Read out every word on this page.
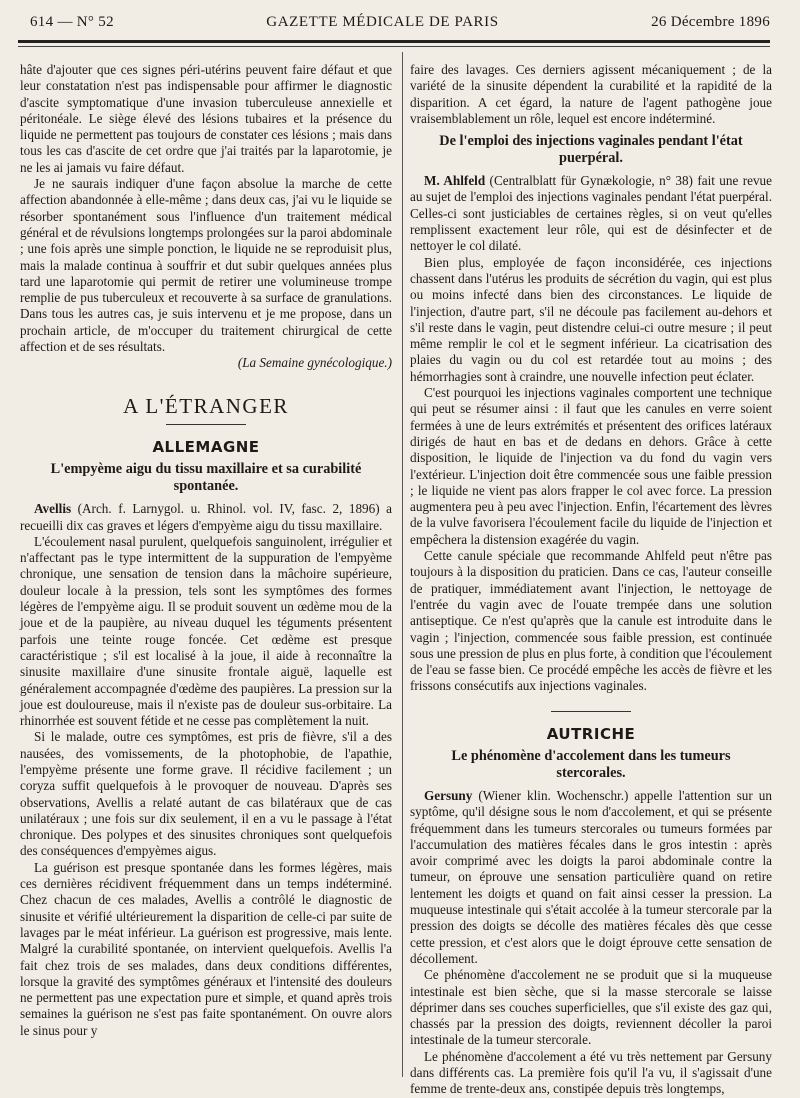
614 — N° 52	GAZETTE MÉDICALE DE PARIS	26 Décembre 1896

hâte d'ajouter que ces signes péri-utérins peuvent faire défaut et que leur constatation n'est pas indispensable pour affirmer le diagnostic d'ascite symptomatique d'une invasion tuberculeuse annexielle et péritonéale. Le siège élevé des lésions tubaires et la présence du liquide ne permettent pas toujours de constater ces lésions ; mais dans tous les cas d'ascite de cet ordre que j'ai traités par la laparotomie, je ne les ai jamais vu faire défaut.

Je ne saurais indiquer d'une façon absolue la marche de cette affection abandonnée à elle-même ; dans deux cas, j'ai vu le liquide se résorber spontanément sous l'influence d'un traitement médical général et de révulsions longtemps prolongées sur la paroi abdominale ; une fois après une simple ponction, le liquide ne se reproduisit plus, mais la malade continua à souffrir et dut subir quelques années plus tard une laparotomie qui permit de retirer une volumineuse trompe remplie de pus tuberculeux et recouverte à sa surface de granulations. Dans tous les autres cas, je suis intervenu et je me propose, dans un prochain article, de m'occuper du traitement chirurgical de cette affection et de ses résultats.

(La Semaine gynécologique.)

A L'ÉTRANGER
ALLEMAGNE
L'empyème aigu du tissu maxillaire et sa curabilité spontanée.

Avellis (Arch. f. Larnygol. u. Rhinol. vol. IV, fasc. 2, 1896) a recueilli dix cas graves et légers d'empyème aigu du tissu maxillaire.

L'écoulement nasal purulent, quelquefois sanguinolent, irrégulier et n'affectant pas le type intermittent de la suppuration de l'empyème chronique, une sensation de tension dans la mâchoire supérieure, douleur locale à la pression, tels sont les symptômes des formes légères de l'empyème aigu. Il se produit souvent un œdème mou de la joue et de la paupière, au niveau duquel les téguments présentent parfois une teinte rouge foncée. Cet œdème est presque caractéristique ; s'il est localisé à la joue, il aide à reconnaître la sinusite maxillaire d'une sinusite frontale aiguë, laquelle est généralement accompagnée d'œdème des paupières. La pression sur la joue est douloureuse, mais il n'existe pas de douleur sus-orbitaire. La rhinorrhée est souvent fétide et ne cesse pas complètement la nuit.

Si le malade, outre ces symptômes, est pris de fièvre, s'il a des nausées, des vomissements, de la photophobie, de l'apathie, l'empyème présente une forme grave. Il récidive facilement ; un coryza suffit quelquefois à le provoquer de nouveau. D'après ses observations, Avellis a relaté autant de cas bilatéraux que de cas unilatéraux ; une fois sur dix seulement, il en a vu le passage à l'état chronique. Des polypes et des sinusites chroniques sont quelquefois des conséquences d'empyèmes aigus.

La guérison est presque spontanée dans les formes légères, mais ces dernières récidivent fréquemment dans un temps indéterminé. Chez chacun de ces malades, Avellis a contrôlé le diagnostic de sinusite et vérifié ultérieurement la disparition de celle-ci par suite de lavages par le méat inférieur. La guérison est progressive, mais lente. Malgré la curabilité spontanée, on intervient quelquefois. Avellis l'a fait chez trois de ses malades, dans deux conditions différentes, lorsque la gravité des symptômes généraux et l'intensité des douleurs ne permettent pas une expectation pure et simple, et quand après trois semaines la guérison ne s'est pas faite spontanément. On ouvre alors le sinus pour y

faire des lavages. Ces derniers agissent mécaniquement ; de la variété de la sinusite dépendent la curabilité et la rapidité de la disparition. A cet égard, la nature de l'agent pathogène joue vraisemblablement un rôle, lequel est encore indéterminé.

De l'emploi des injections vaginales pendant l'état puerpéral.

M. Ahlfeld (Centralblatt für Gynækologie, n° 38) fait une revue au sujet de l'emploi des injections vaginales pendant l'état puerpéral. Celles-ci sont justiciables de certaines règles, si on veut qu'elles remplissent exactement leur rôle, qui est de désinfecter et de nettoyer le col dilaté.

Bien plus, employée de façon inconsidérée, ces injections chassent dans l'utérus les produits de sécrétion du vagin, qui est plus ou moins infecté dans bien des circonstances. Le liquide de l'injection, d'autre part, s'il ne découle pas facilement au-dehors et s'il reste dans le vagin, peut distendre celui-ci outre mesure ; il peut même remplir le col et le segment inférieur. La cicatrisation des plaies du vagin ou du col est retardée tout au moins ; des hémorrhagies sont à craindre, une nouvelle infection peut éclater.

C'est pourquoi les injections vaginales comportent une technique qui peut se résumer ainsi : il faut que les canules en verre soient fermées à une de leurs extrémités et présentent des orifices latéraux dirigés de haut en bas et de dedans en dehors. Grâce à cette disposition, le liquide de l'injection va du fond du vagin vers l'extérieur. L'injection doit être commencée sous une faible pression ; le liquide ne vient pas alors frapper le col avec force. La pression augmentera peu à peu avec l'injection. Enfin, l'écartement des lèvres de la vulve favorisera l'écoulement facile du liquide de l'injection et empêchera la distension exagérée du vagin.

Cette canule spéciale que recommande Ahlfeld peut n'être pas toujours à la disposition du praticien. Dans ce cas, l'auteur conseille de pratiquer, immédiatement avant l'injection, le nettoyage de l'entrée du vagin avec de l'ouate trempée dans une solution antiseptique. Ce n'est qu'après que la canule est introduite dans le vagin ; l'injection, commencée sous faible pression, est continuée sous une pression de plus en plus forte, à condition que l'écoulement de l'eau se fasse bien. Ce procédé empêche les accès de fièvre et les frissons consécutifs aux injections vaginales.

AUTRICHE
Le phénomène d'accolement dans les tumeurs stercorales.

Gersuny (Wiener klin. Wochenschr.) appelle l'attention sur un syptôme, qu'il désigne sous le nom d'accolement, et qui se présente fréquemment dans les tumeurs stercorales ou tumeurs formées par l'accumulation des matières fécales dans le gros intestin : après avoir comprimé avec les doigts la paroi abdominale contre la tumeur, on éprouve une sensation particulière quand on retire lentement les doigts et quand on fait ainsi cesser la pression. La muqueuse intestinale qui s'était accolée à la tumeur stercorale par la pression des doigts se décolle des matières fécales dès que cesse cette pression, et c'est alors que le doigt éprouve cette sensation de décollement.

Ce phénomène d'accolement ne se produit que si la muqueuse intestinale est bien sèche, que si la masse stercorale se laisse déprimer dans ses couches superficielles, que s'il existe des gaz qui, chassés par la pression des doigts, reviennent décoller la paroi intestinale de la tumeur stercorale.

Le phénomène d'accolement a été vu très nettement par Gersuny dans différents cas. La première fois qu'il l'a vu, il s'agissait d'une femme de trente-deux ans, constipée depuis très longtemps,
